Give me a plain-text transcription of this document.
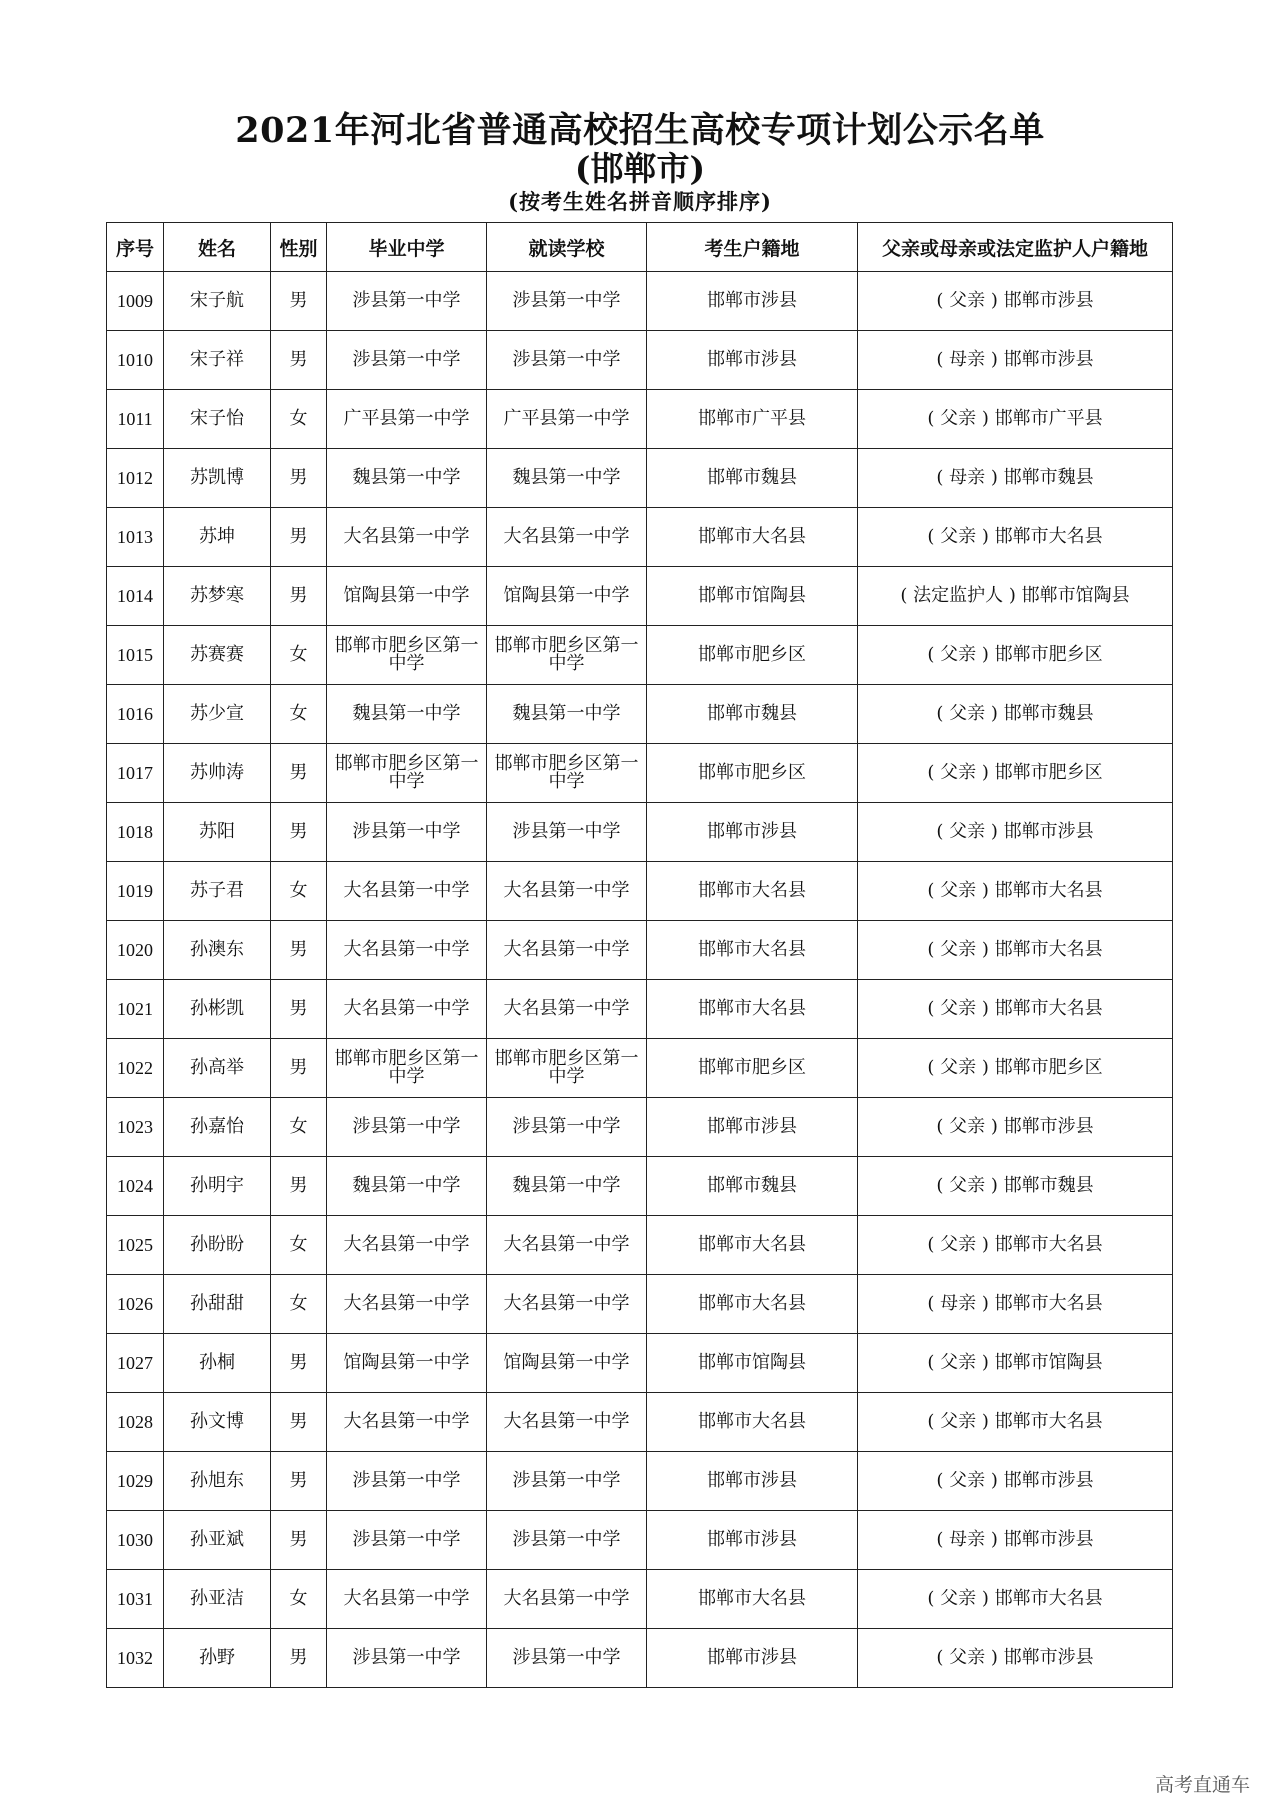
2021年河北省普通高校招生高校专项计划公示名单
(邯郸市)
(按考生姓名拼音顺序排序)
序号	姓名	性别	毕业中学	就读学校	考生户籍地	父亲或母亲或法定监护人户籍地
1009	宋子航	男	涉县第一中学	涉县第一中学	邯郸市涉县	( 父亲 ) 邯郸市涉县
1010	宋子祥	男	涉县第一中学	涉县第一中学	邯郸市涉县	( 母亲 ) 邯郸市涉县
1011	宋子怡	女	广平县第一中学	广平县第一中学	邯郸市广平县	( 父亲 ) 邯郸市广平县
1012	苏凯博	男	魏县第一中学	魏县第一中学	邯郸市魏县	( 母亲 ) 邯郸市魏县
1013	苏坤	男	大名县第一中学	大名县第一中学	邯郸市大名县	( 父亲 ) 邯郸市大名县
1014	苏梦寒	男	馆陶县第一中学	馆陶县第一中学	邯郸市馆陶县	( 法定监护人 ) 邯郸市馆陶县
1015	苏赛赛	女	邯郸市肥乡区第一中学	邯郸市肥乡区第一中学	邯郸市肥乡区	( 父亲 ) 邯郸市肥乡区
1016	苏少宣	女	魏县第一中学	魏县第一中学	邯郸市魏县	( 父亲 ) 邯郸市魏县
1017	苏帅涛	男	邯郸市肥乡区第一中学	邯郸市肥乡区第一中学	邯郸市肥乡区	( 父亲 ) 邯郸市肥乡区
1018	苏阳	男	涉县第一中学	涉县第一中学	邯郸市涉县	( 父亲 ) 邯郸市涉县
1019	苏子君	女	大名县第一中学	大名县第一中学	邯郸市大名县	( 父亲 ) 邯郸市大名县
1020	孙澳东	男	大名县第一中学	大名县第一中学	邯郸市大名县	( 父亲 ) 邯郸市大名县
1021	孙彬凯	男	大名县第一中学	大名县第一中学	邯郸市大名县	( 父亲 ) 邯郸市大名县
1022	孙高举	男	邯郸市肥乡区第一中学	邯郸市肥乡区第一中学	邯郸市肥乡区	( 父亲 ) 邯郸市肥乡区
1023	孙嘉怡	女	涉县第一中学	涉县第一中学	邯郸市涉县	( 父亲 ) 邯郸市涉县
1024	孙明宇	男	魏县第一中学	魏县第一中学	邯郸市魏县	( 父亲 ) 邯郸市魏县
1025	孙盼盼	女	大名县第一中学	大名县第一中学	邯郸市大名县	( 父亲 ) 邯郸市大名县
1026	孙甜甜	女	大名县第一中学	大名县第一中学	邯郸市大名县	( 母亲 ) 邯郸市大名县
1027	孙桐	男	馆陶县第一中学	馆陶县第一中学	邯郸市馆陶县	( 父亲 ) 邯郸市馆陶县
1028	孙文博	男	大名县第一中学	大名县第一中学	邯郸市大名县	( 父亲 ) 邯郸市大名县
1029	孙旭东	男	涉县第一中学	涉县第一中学	邯郸市涉县	( 父亲 ) 邯郸市涉县
1030	孙亚斌	男	涉县第一中学	涉县第一中学	邯郸市涉县	( 母亲 ) 邯郸市涉县
1031	孙亚洁	女	大名县第一中学	大名县第一中学	邯郸市大名县	( 父亲 ) 邯郸市大名县
1032	孙野	男	涉县第一中学	涉县第一中学	邯郸市涉县	( 父亲 ) 邯郸市涉县
高考直通车
